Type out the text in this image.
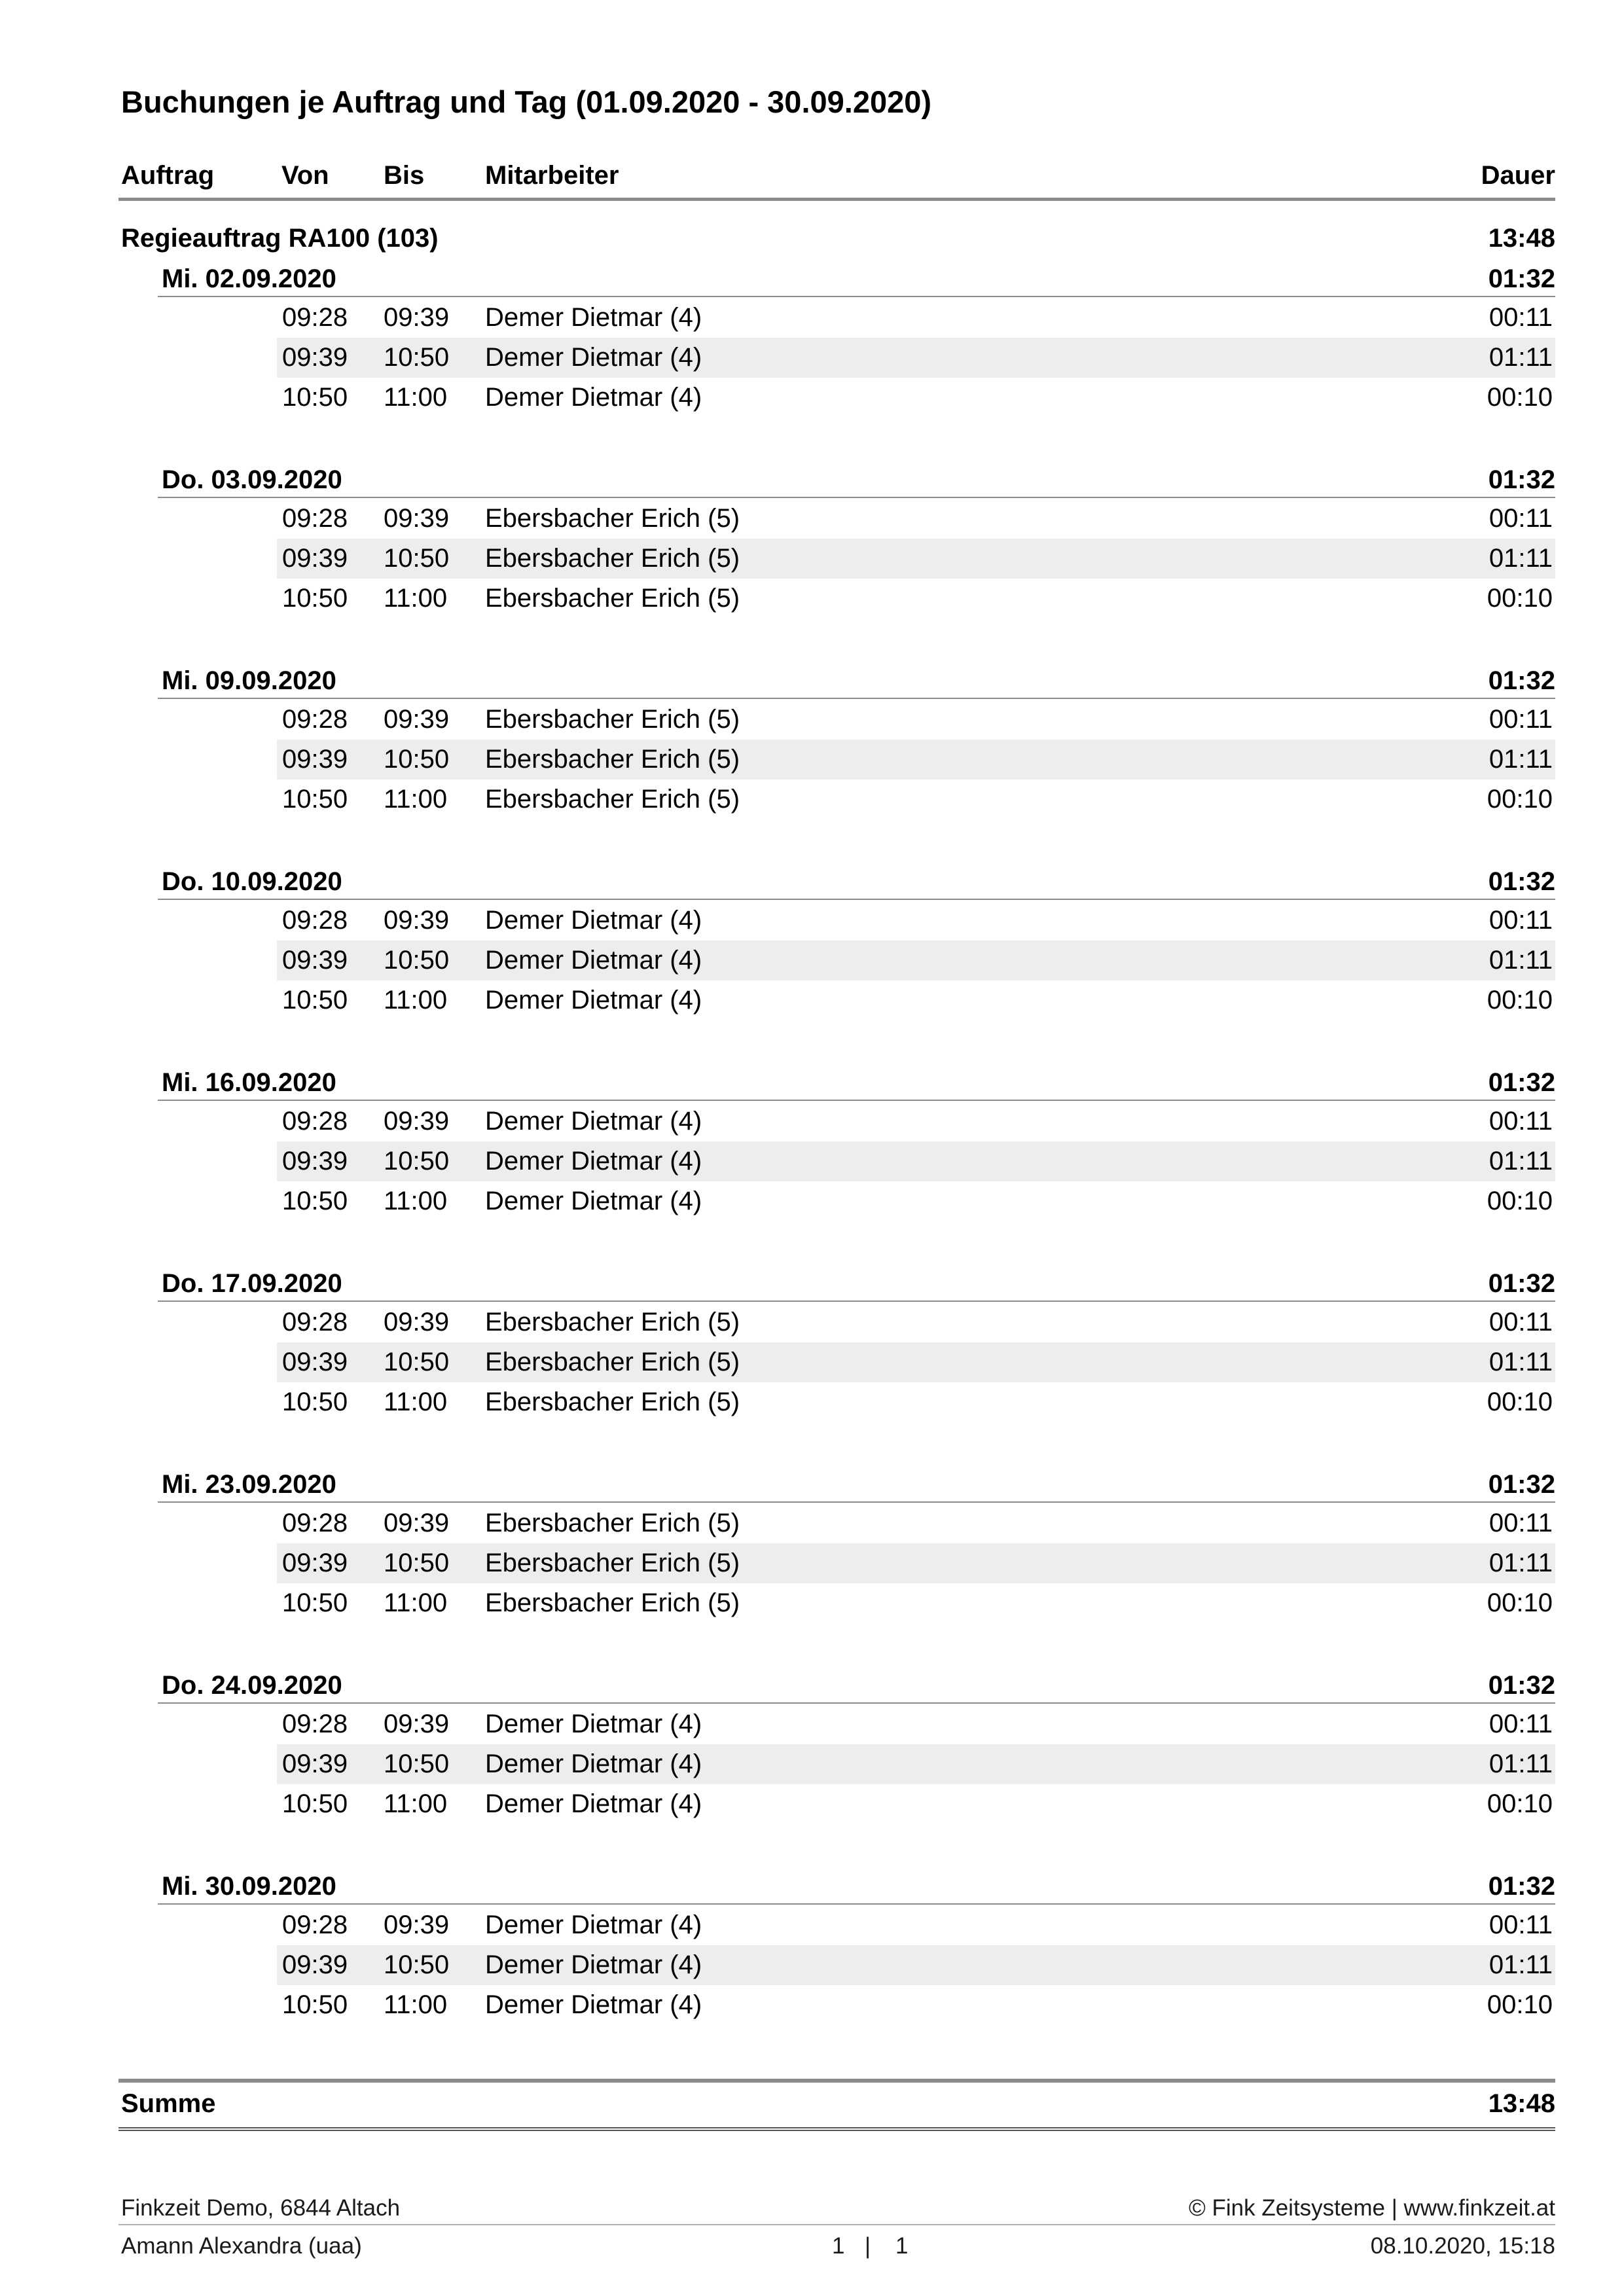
Buchungen je Auftrag und Tag (01.09.2020 - 30.09.2020)
Auftrag	Von Bis Mitarbeiter	Dauer
Regieauftrag RA100 (103)	13:48
Mi. 02.09.2020	01:32
09:28 09:39 Demer Dietmar (4)	00:11
09:39 10:50 Demer Dietmar (4)	01:11
10:50 11:00 Demer Dietmar (4)	00:10
Do. 03.09.2020	01:32
09:28 09:39 Ebersbacher Erich (5)	00:11
09:39 10:50 Ebersbacher Erich (5)	01:11
10:50 11:00 Ebersbacher Erich (5)	00:10
Mi. 09.09.2020	01:32
09:28 09:39 Ebersbacher Erich (5)	00:11
09:39 10:50 Ebersbacher Erich (5)	01:11
10:50 11:00 Ebersbacher Erich (5)	00:10
Do. 10.09.2020	01:32
09:28 09:39 Demer Dietmar (4)	00:11
09:39 10:50 Demer Dietmar (4)	01:11
10:50 11:00 Demer Dietmar (4)	00:10
Mi. 16.09.2020	01:32
09:28 09:39 Demer Dietmar (4)	00:11
09:39 10:50 Demer Dietmar (4)	01:11
10:50 11:00 Demer Dietmar (4)	00:10
Do. 17.09.2020	01:32
09:28 09:39 Ebersbacher Erich (5)	00:11
09:39 10:50 Ebersbacher Erich (5)	01:11
10:50 11:00 Ebersbacher Erich (5)	00:10
Mi. 23.09.2020	01:32
09:28 09:39 Ebersbacher Erich (5)	00:11
09:39 10:50 Ebersbacher Erich (5)	01:11
10:50 11:00 Ebersbacher Erich (5)	00:10
Do. 24.09.2020	01:32
09:28 09:39 Demer Dietmar (4)	00:11
09:39 10:50 Demer Dietmar (4)	01:11
10:50 11:00 Demer Dietmar (4)	00:10
Mi. 30.09.2020	01:32
09:28 09:39 Demer Dietmar (4)	00:11
09:39 10:50 Demer Dietmar (4)	01:11
10:50 11:00 Demer Dietmar (4)	00:10
Summe	13:48
Finkzeit Demo, 6844 Altach	© Fink Zeitsysteme | www.finkzeit.at
Amann Alexandra (uaa)	1 | 1	08.10.2020, 15:18
